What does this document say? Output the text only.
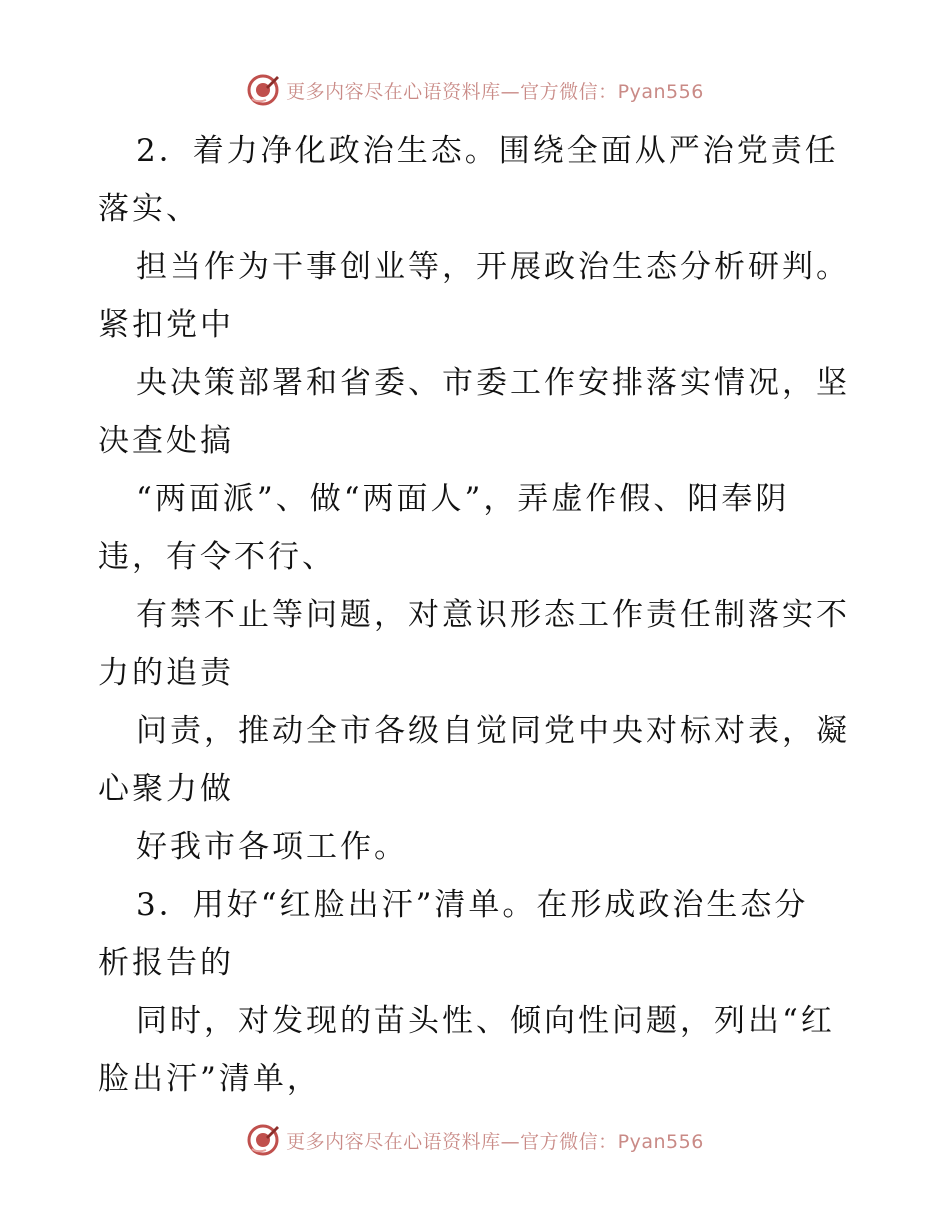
更多内容尽在心语资料库—官方微信：Pyan556
2．着力净化政治生态。围绕全面从严治党责任
落实、
担当作为干事创业等，开展政治生态分析研判。
紧扣党中
央决策部署和省委、市委工作安排落实情况，坚
决查处搞
“两面派”、做“两面人”，弄虚作假、阳奉阴
违，有令不行、
有禁不止等问题，对意识形态工作责任制落实不
力的追责
问责，推动全市各级自觉同党中央对标对表，凝
心聚力做
好我市各项工作。
3．用好“红脸出汗”清单。在形成政治生态分
析报告的
同时，对发现的苗头性、倾向性问题，列出“红
脸出汗”清单，
更多内容尽在心语资料库—官方微信：Pyan556
